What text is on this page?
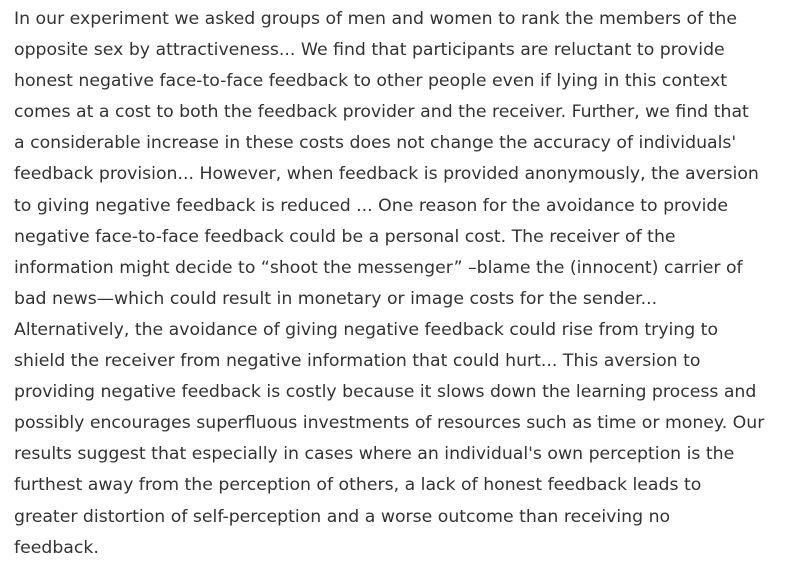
In our experiment we asked groups of men and women to rank the members of the
opposite sex by attractiveness... We find that participants are reluctant to provide
honest negative face-to-face feedback to other people even if lying in this context
comes at a cost to both the feedback provider and the receiver. Further, we find that
a considerable increase in these costs does not change the accuracy of individuals'
feedback provision... However, when feedback is provided anonymously, the aversion
to giving negative feedback is reduced ... One reason for the avoidance to provide
negative face-to-face feedback could be a personal cost. The receiver of the
information might decide to “shoot the messenger” –blame the (innocent) carrier of
bad news—which could result in monetary or image costs for the sender...
Alternatively, the avoidance of giving negative feedback could rise from trying to
shield the receiver from negative information that could hurt... This aversion to
providing negative feedback is costly because it slows down the learning process and
possibly encourages superfluous investments of resources such as time or money. Our
results suggest that especially in cases where an individual's own perception is the
furthest away from the perception of others, a lack of honest feedback leads to
greater distortion of self-perception and a worse outcome than receiving no
feedback.
